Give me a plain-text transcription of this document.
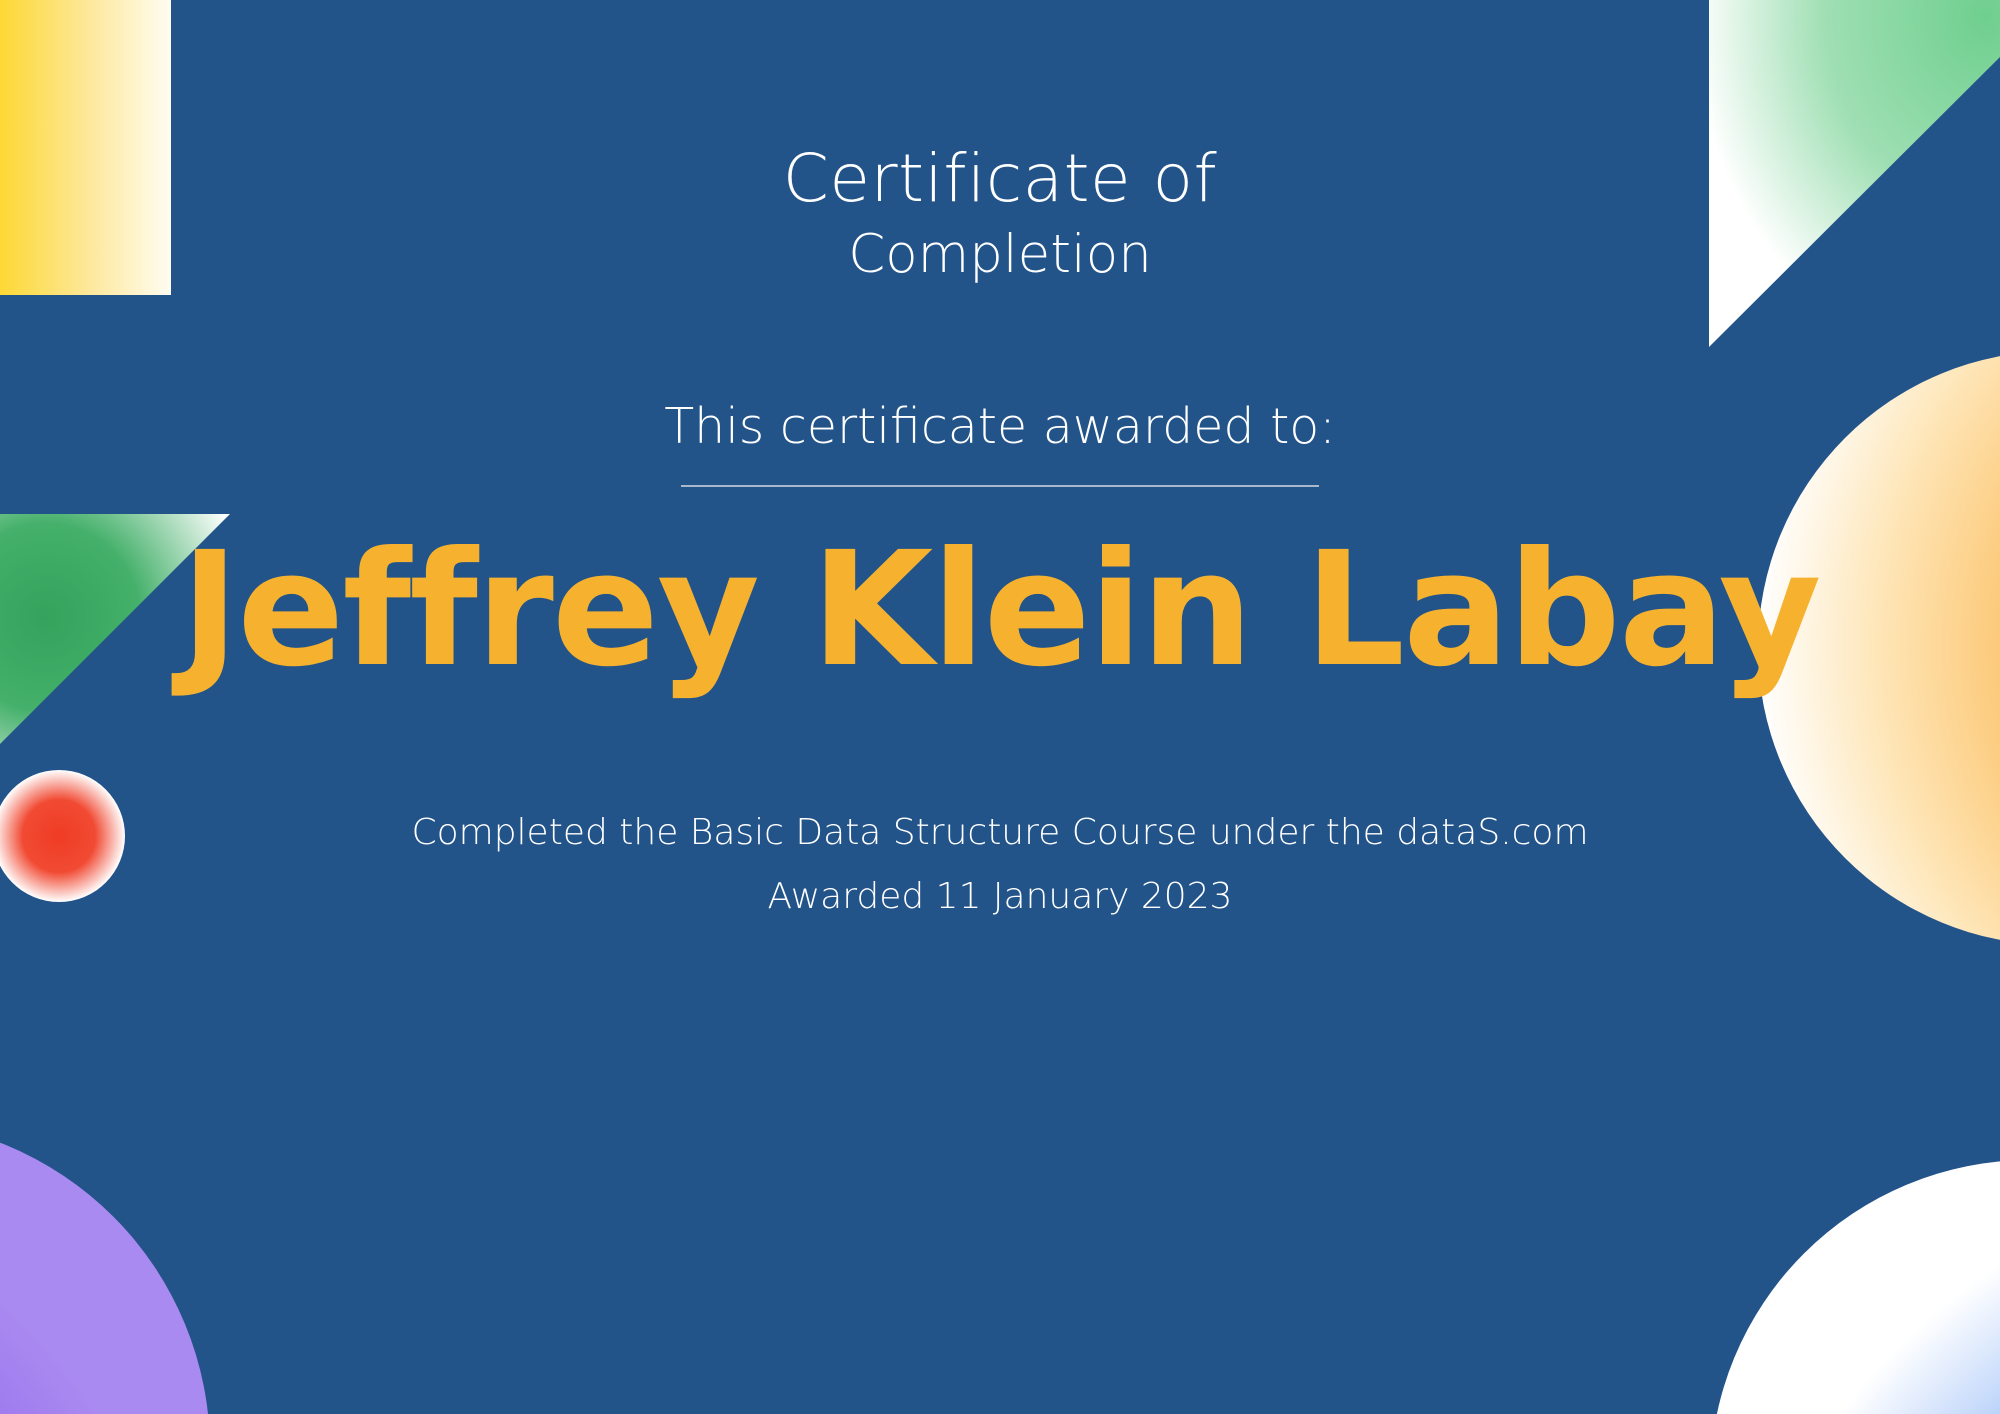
Certificate of
Completion
This certificate awarded to:
Jeffrey Klein Labay
Completed the Basic Data Structure Course under the dataS.com
Awarded 11 January 2023
